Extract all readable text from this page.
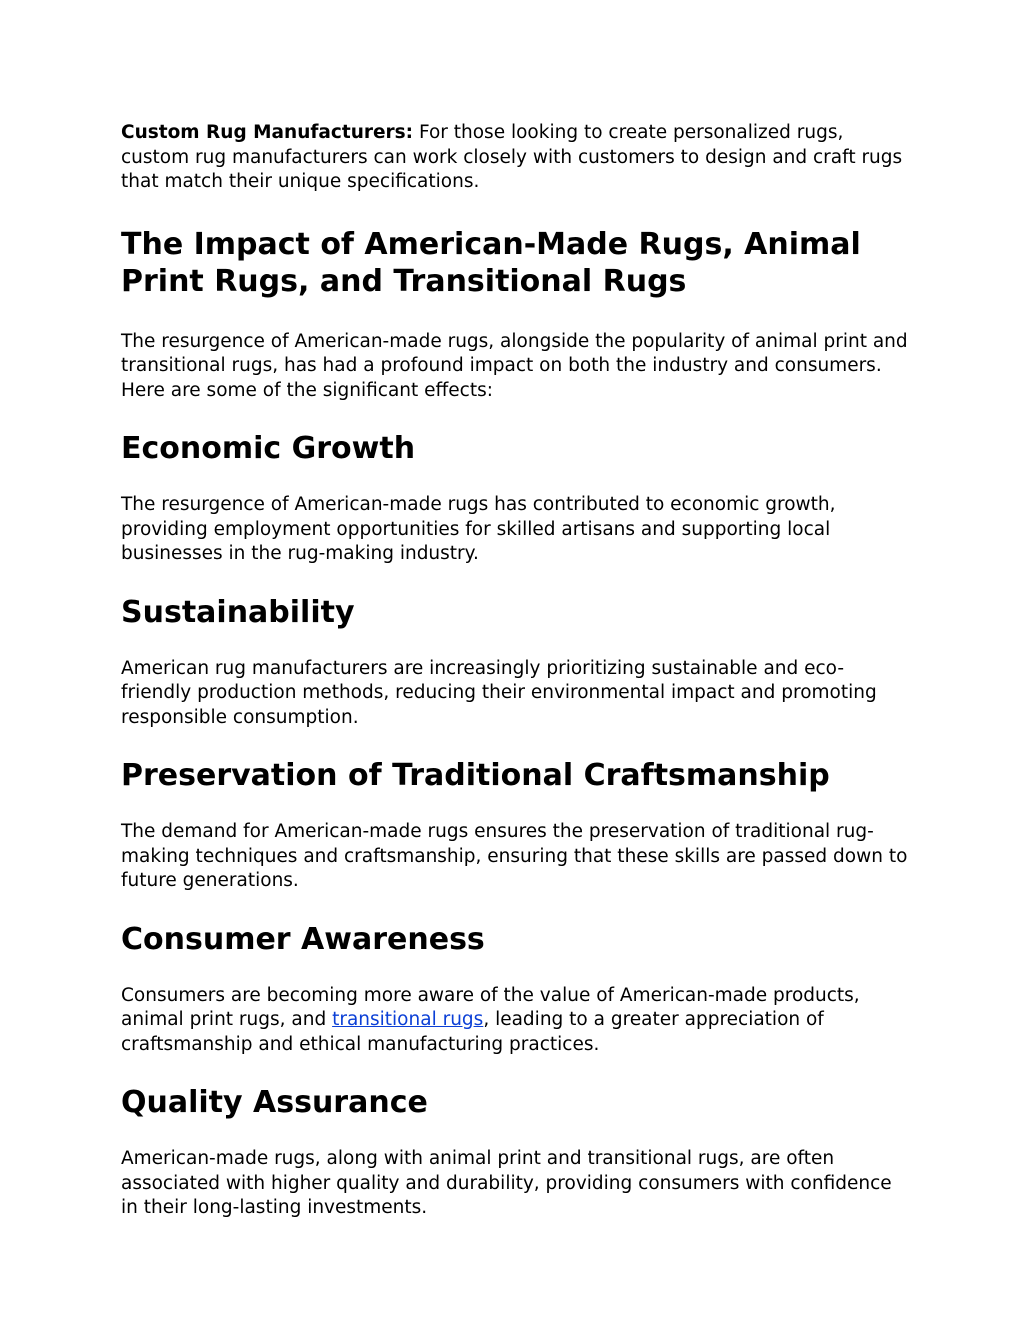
Custom Rug Manufacturers: For those looking to create personalized rugs, custom rug manufacturers can work closely with customers to design and craft rugs that match their unique specifications.

The Impact of American-Made Rugs, Animal Print Rugs, and Transitional Rugs

The resurgence of American-made rugs, alongside the popularity of animal print and transitional rugs, has had a profound impact on both the industry and consumers. Here are some of the significant effects:

Economic Growth

The resurgence of American-made rugs has contributed to economic growth, providing employment opportunities for skilled artisans and supporting local businesses in the rug-making industry.

Sustainability

American rug manufacturers are increasingly prioritizing sustainable and eco-friendly production methods, reducing their environmental impact and promoting responsible consumption.

Preservation of Traditional Craftsmanship

The demand for American-made rugs ensures the preservation of traditional rug-making techniques and craftsmanship, ensuring that these skills are passed down to future generations.

Consumer Awareness

Consumers are becoming more aware of the value of American-made products, animal print rugs, and transitional rugs, leading to a greater appreciation of craftsmanship and ethical manufacturing practices.

Quality Assurance

American-made rugs, along with animal print and transitional rugs, are often associated with higher quality and durability, providing consumers with confidence in their long-lasting investments.
